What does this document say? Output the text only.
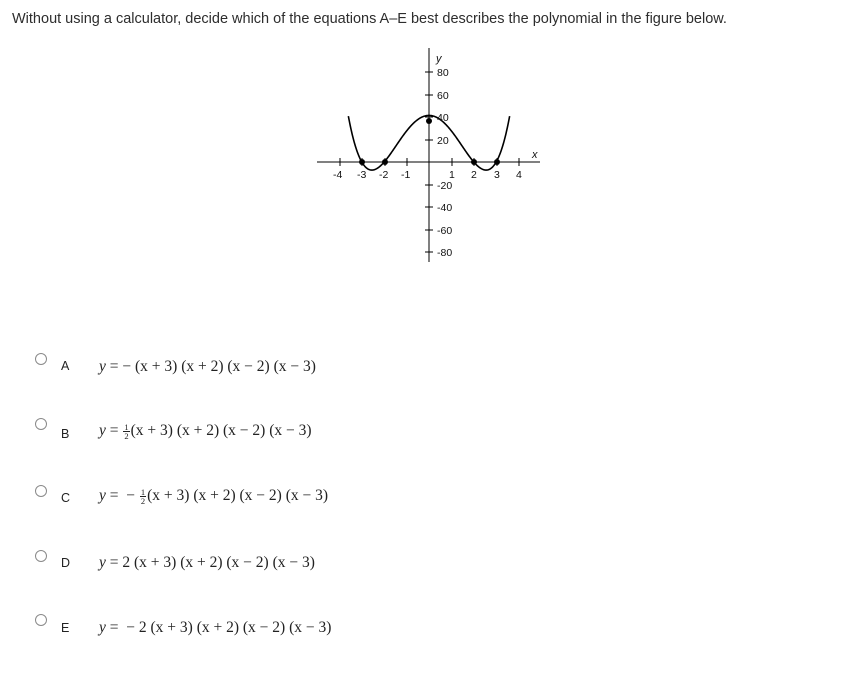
Without using a calculator, decide which of the equations A–E best describes the polynomial in the figure below.
y
x
-4 -3 -2 -1	1 2 3 4
80
60
40
20
-20
-40
-60
-80
A y = − (x + 3) (x + 2) (x − 2) (x − 3)
B $y = \frac{1}{2} (x + 3) (x + 2) (x - 2) (x - 3)$
C y = − $\frac{1}{2} (x + 3) (x + 2) (x - 2) (x - 3)$
D y = 2 (x + 3) (x + 2) (x − 2) (x − 3)
E y = − 2 (x + 3) (x + 2) (x − 2) (x − 3)
